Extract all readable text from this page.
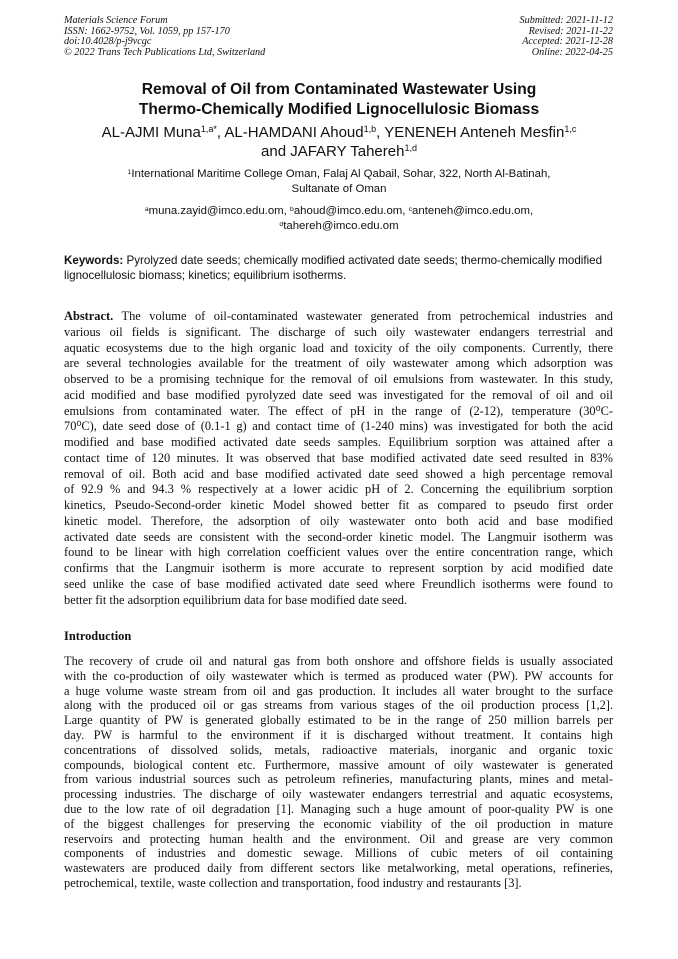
Materials Science Forum
ISSN: 1662-9752, Vol. 1059, pp 157-170
doi:10.4028/p-j9vcgc
© 2022 Trans Tech Publications Ltd, Switzerland
Submitted: 2021-11-12
Revised: 2021-11-22
Accepted: 2021-12-28
Online: 2022-04-25
Removal of Oil from Contaminated Wastewater Using
Thermo-Chemically Modified Lignocellulosic Biomass
AL-AJMI Muna$^{1,a*}$, AL-HAMDANI Ahoud$^{1,b}$, YENENEH Anteneh Mesfin$^{1,c}$
and JAFARY Tahereh$^{1,d}$
$^1$International Maritime College Oman, Falaj Al Qabail, Sohar, 322, North Al-Batinah,
Sultanate of Oman
$^a$muna.zayid@imco.edu.om, $^b$ahoud@imco.edu.om, $^c$anteneh@imco.edu.om,
$^d$tahereh@imco.edu.om
Keywords: Pyrolyzed date seeds; chemically modified activated date seeds; thermo-chemically modified lignocellulosic biomass; kinetics; equilibrium isotherms.
Abstract. The volume of oil-contaminated wastewater generated from petrochemical industries and
various oil fields is significant. The discharge of such oily wastewater endangers terrestrial and
aquatic ecosystems due to the high organic load and toxicity of the oily components. Currently, there
are several technologies available for the treatment of oily wastewater among which adsorption was
observed to be a promising technique for the removal of oil emulsions from wastewater. In this study,
acid modified and base modified pyrolyzed date seed was investigated for the removal of oil and oil
emulsions from contaminated water. The effect of pH in the range of (2-12), temperature (30⁰C-
70⁰C), date seed dose of (0.1-1 g) and contact time of (1-240 mins) was investigated for both the acid
modified and base modified activated date seeds samples. Equilibrium sorption was attained after a
contact time of 120 minutes. It was observed that base modified activated date seed resulted in 83%
removal of oil. Both acid and base modified activated date seed showed a high percentage removal
of 92.9 % and 94.3 % respectively at a lower acidic pH of 2. Concerning the equilibrium sorption
kinetics, Pseudo-Second-order kinetic Model showed better fit as compared to pseudo first order
kinetic model. Therefore, the adsorption of oily wastewater onto both acid and base modified
activated date seeds are consistent with the second-order kinetic model. The Langmuir isotherm was
found to be linear with high correlation coefficient values over the entire concentration range, which
confirms that the Langmuir isotherm is more accurate to represent sorption by acid modified date
seed unlike the case of base modified activated date seed where Freundlich isotherms were found to
better fit the adsorption equilibrium data for base modified date seed.
Introduction
The recovery of crude oil and natural gas from both onshore and offshore fields is usually associated
with the co-production of oily wastewater which is termed as produced water (PW). PW accounts for
a huge volume waste stream from oil and gas production. It includes all water brought to the surface
along with the produced oil or gas streams from various stages of the oil production process [1,2].
Large quantity of PW is generated globally estimated to be in the range of 250 million barrels per
day. PW is harmful to the environment if it is discharged without treatment. It contains high
concentrations of dissolved solids, metals, radioactive materials, inorganic and organic toxic
compounds, biological content etc. Furthermore, massive amount of oily wastewater is generated
from various industrial sources such as petroleum refineries, manufacturing plants, mines and metal-
processing industries. The discharge of oily wastewater endangers terrestrial and aquatic ecosystems,
due to the low rate of oil degradation [1]. Managing such a huge amount of poor-quality PW is one
of the biggest challenges for preserving the economic viability of the oil production in mature
reservoirs and protecting human health and the environment. Oil and grease are very common
components of industries and domestic sewage. Millions of cubic meters of oil containing
wastewaters are produced daily from different sectors like metalworking, metal operations, refineries,
petrochemical, textile, waste collection and transportation, food industry and restaurants [3].
